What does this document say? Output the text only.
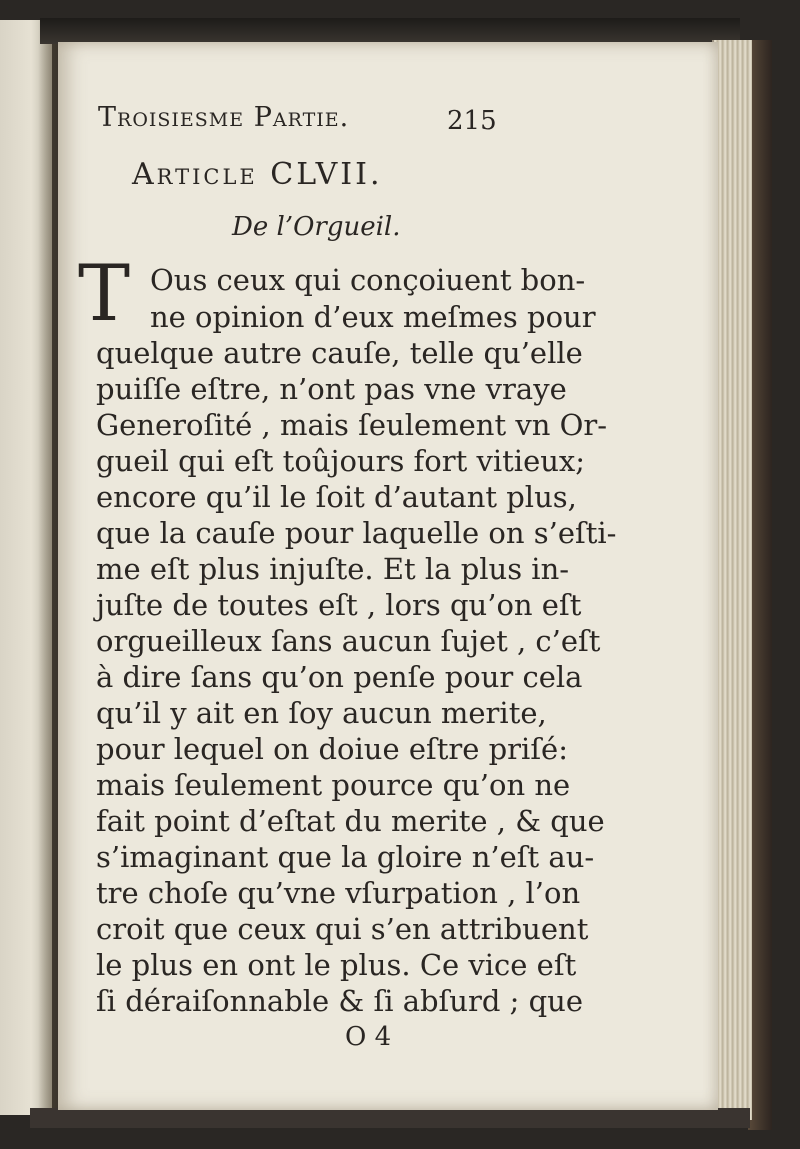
Troisiesme Partie.	215
Article CLVII.
De l’Orgueil.
T Ous ceux qui conçoiuent bon-
ne opinion d’eux meſmes pour
quelque autre cauſe, telle qu’elle
puiſſe eſtre, n’ont pas vne vraye
Generoſité , mais ſeulement vn Or-
gueil qui eſt toûjours fort vitieux;
encore qu’il le ſoit d’autant plus,
que la cauſe pour laquelle on s’eſti-
me eſt plus injuſte. Et la plus in-
juſte de toutes eſt , lors qu’on eſt
orgueilleux ſans aucun ſujet , c’eſt
à dire ſans qu’on penſe pour cela
qu’il y ait en ſoy aucun merite,
pour lequel on doiue eſtre priſé:
mais ſeulement pource qu’on ne
fait point d’eſtat du merite , & que
s’imaginant que la gloire n’eſt au-
tre choſe qu’vne vſurpation , l’on
croit que ceux qui s’en attribuent
le plus en ont le plus. Ce vice eſt
ſi déraiſonnable & ſi abſurd ; que
O 4
